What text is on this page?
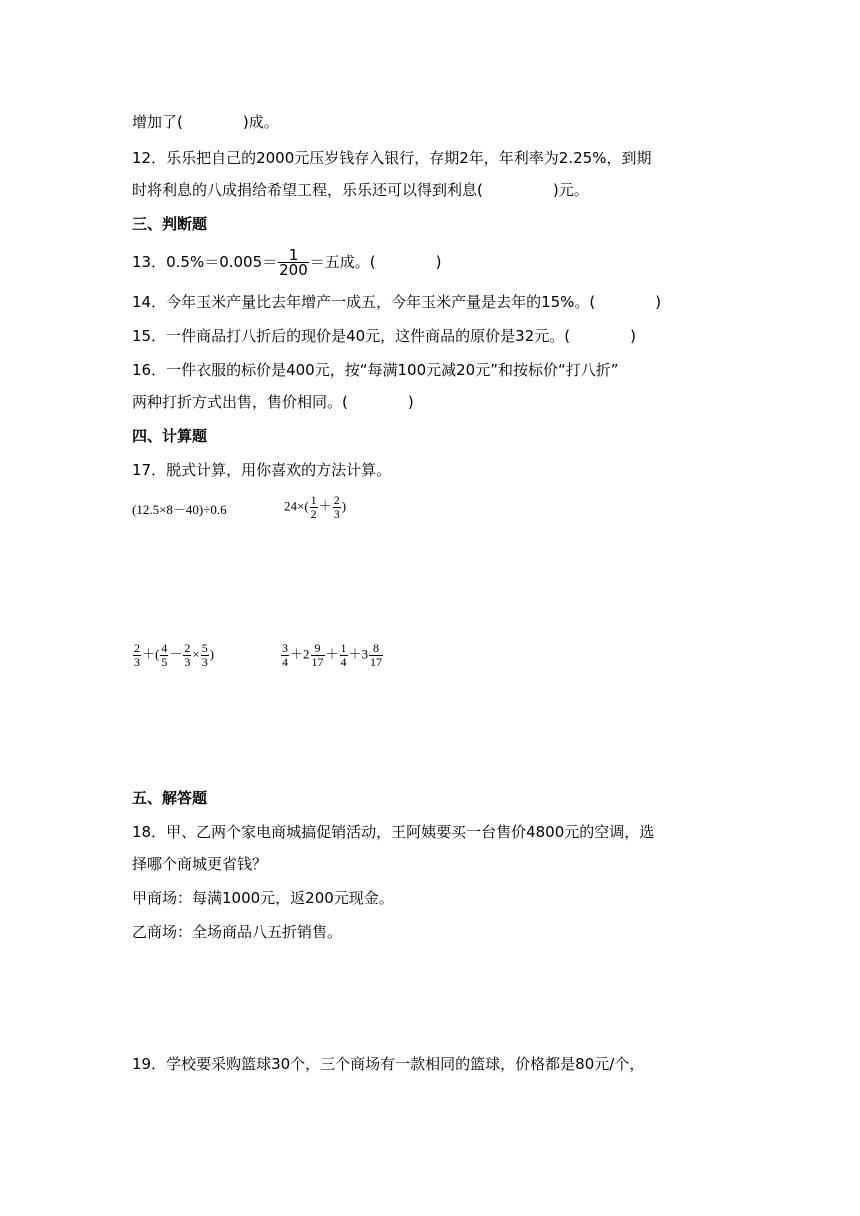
增加了(	)成。
12．乐乐把自己的2000元压岁钱存入银行，存期2年，年利率为2.25%，到期
时将利息的八成捐给希望工程，乐乐还可以得到利息(	)元。
三、判断题
13．$0.5\%=0.005= \frac{1}{200}$ ＝五成。(	)
14．今年玉米产量比去年增产一成五，今年玉米产量是去年的15%。(	)
15．一件商品打八折后的现价是40元，这件商品的原价是32元。(	)
16．一件衣服的标价是400元，按“每满100元减20元”和按标价“打八折”
两种打折方式出售，售价相同。(	)
四、计算题
17．脱式计算，用你喜欢的方法计算。
(12.5×8－40)÷0.6	$24\times( \frac{1}{2} + \frac{2}{3}$ )
$\frac{2}{3}$ ＋( $\frac{4}{5} - \frac{2}{3} \times \frac{5}{3}$ )	$\frac{3}{4} +2 \frac{9}{17} + \frac{1}{4} +3 \frac{8}{17}$
五、解答题
18．甲、乙两个家电商城搞促销活动，王阿姨要买一台售价4800元的空调，选
择哪个商城更省钱？
甲商场：每满1000元，返200元现金。
乙商场：全场商品八五折销售。
19．学校要采购篮球30个，三个商场有一款相同的篮球，价格都是80元/个，
